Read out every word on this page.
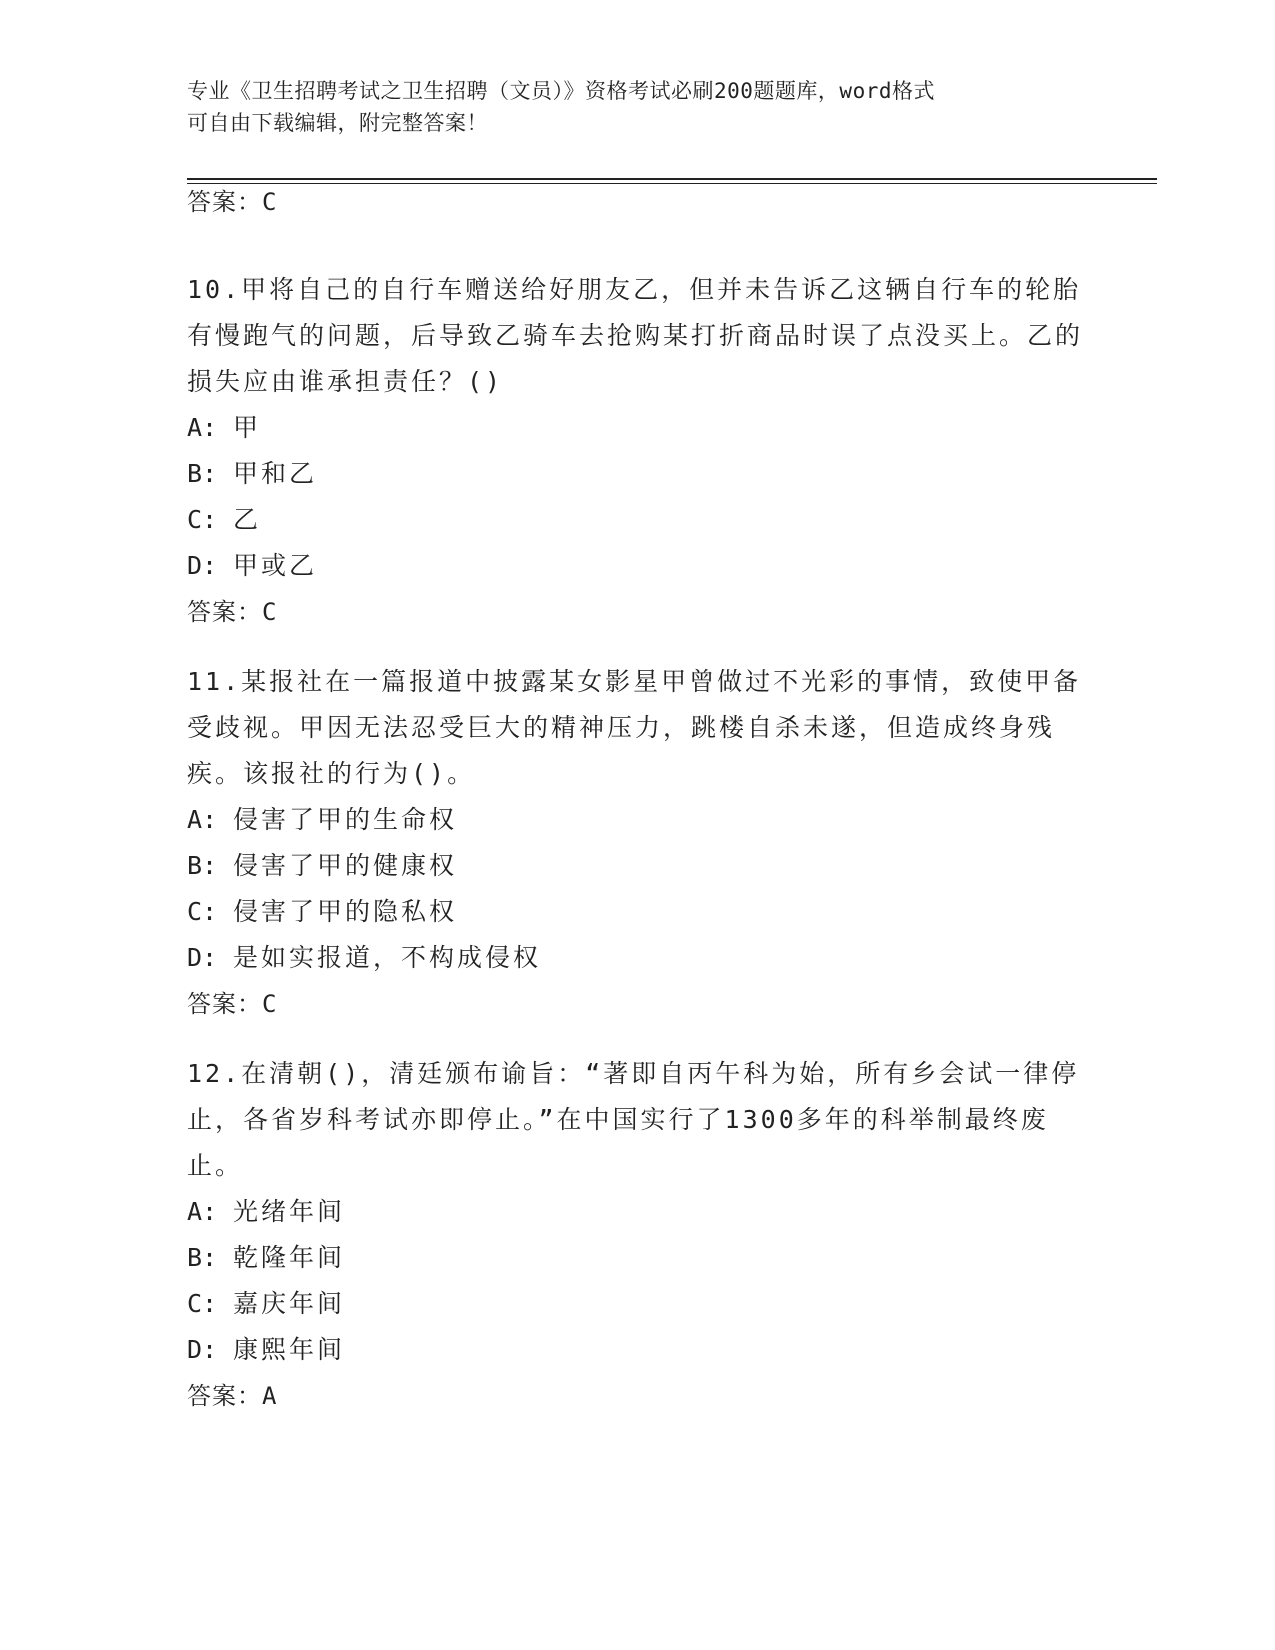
专业《卫生招聘考试之卫生招聘（文员）》资格考试必刷200题题库，word格式
可自由下载编辑，附完整答案！
答案：C
10.甲将自己的自行车赠送给好朋友乙，但并未告诉乙这辆自行车的轮胎有慢跑气的问题，后导致乙骑车去抢购某打折商品时误了点没买上。乙的损失应由谁承担责任？()
A: 甲
B: 甲和乙
C: 乙
D: 甲或乙
答案：C
11.某报社在一篇报道中披露某女影星甲曾做过不光彩的事情，致使甲备受歧视。甲因无法忍受巨大的精神压力，跳楼自杀未遂，但造成终身残疾。该报社的行为()。
A: 侵害了甲的生命权
B: 侵害了甲的健康权
C: 侵害了甲的隐私权
D: 是如实报道，不构成侵权
答案：C
12.在清朝()，清廷颁布谕旨：“著即自丙午科为始，所有乡会试一律停止，各省岁科考试亦即停止。”在中国实行了1300多年的科举制最终废止。
A: 光绪年间
B: 乾隆年间
C: 嘉庆年间
D: 康熙年间
答案：A
